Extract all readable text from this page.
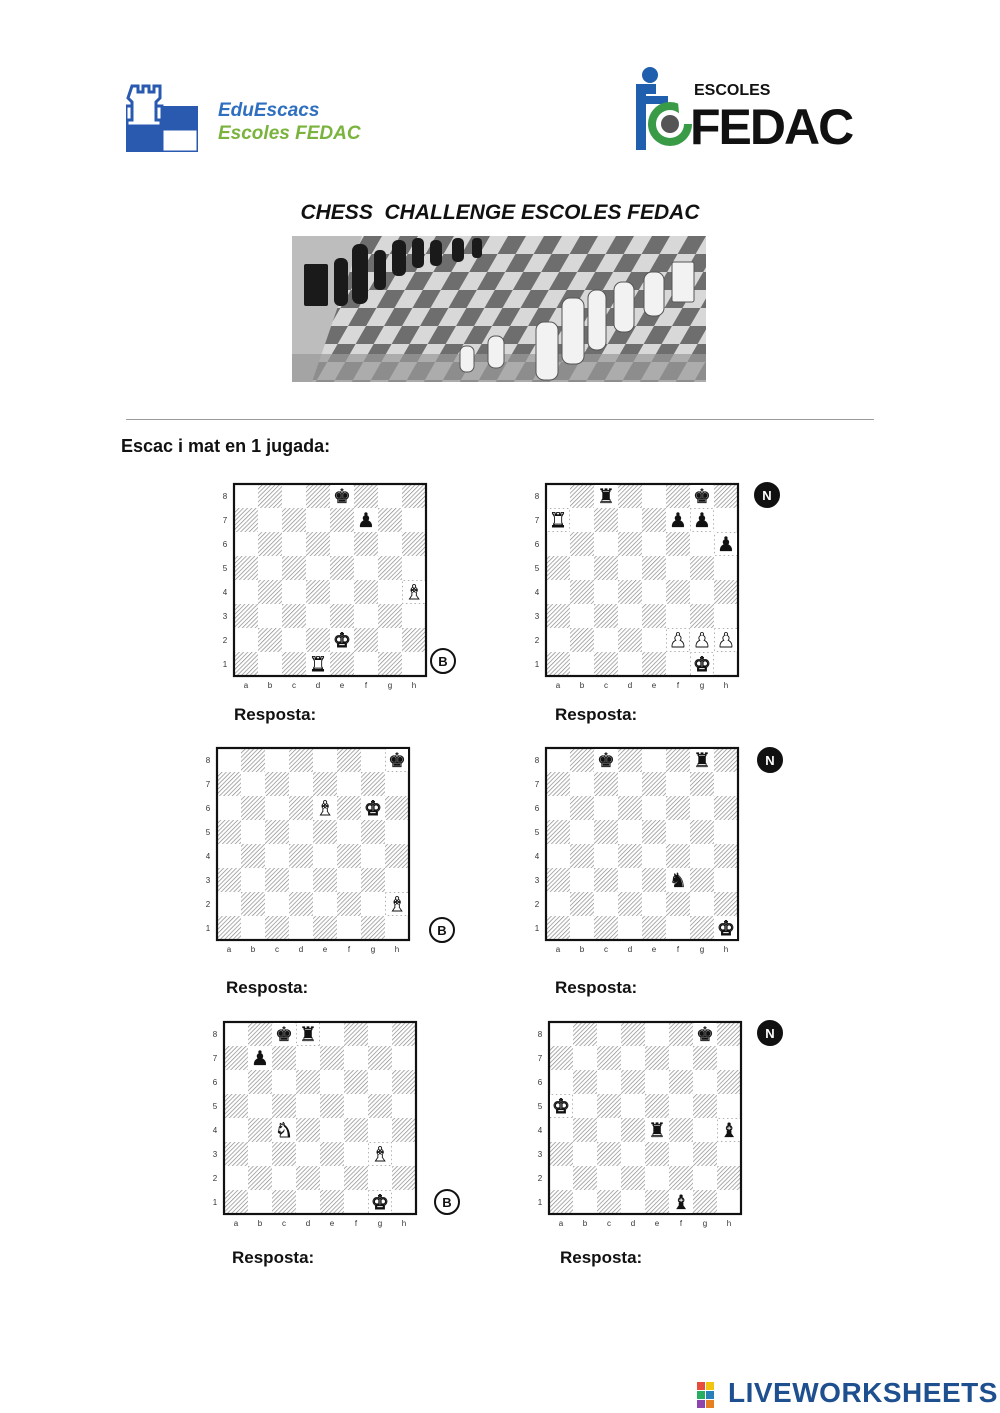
EduEscacs
Escoles FEDAC
ESCOLES
FEDAC
CHESS  CHALLENGE ESCOLES FEDAC
Escac i mat en 1 jugada:
8
7
6
5
4
3
2
1
a b c d e	f	g h
♚
♟
♝
♚
♜
8
7
6
5
4
3
2
1
a b c d e	f	g h
♜	♚
♜	♟ ♟
♟
♟ ♟ ♟
♚
8
7
6
5
4
3
2
1
a b c d e	f	g h
♚
♝ ♚
♝
8
7
6
5
4
3
2
1
a b c d e	f	g h
♚	♜
♞
♚
8
7
6
5
4
3
2
1
a b c d e	f	g h
♚ ♜
♟
♞
♝
♚
8
7
6
5
4
3
2
1
a b c d e	f	g h
♚
♚
♜	♝
♝
B
N
B
N
B
N
Resposta:	Resposta:
Resposta:	Resposta:
Resposta:	Resposta:
LIVEWORKSHEETS
